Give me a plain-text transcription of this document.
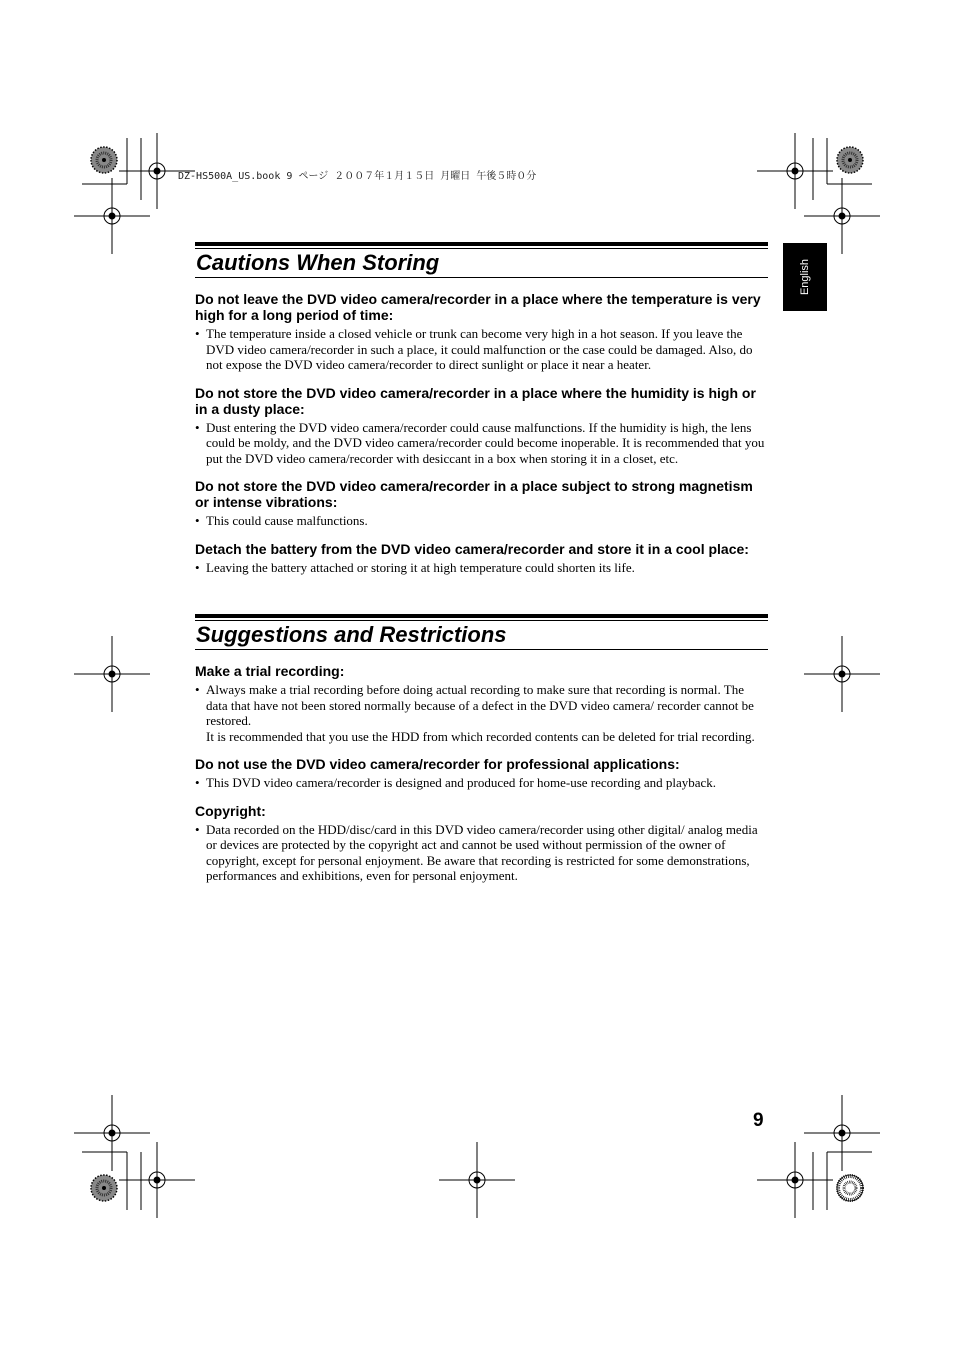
DZ-HS500A_US.book 9 ページ ２００７年１月１５日 月曜日 午後５時０分
English
Cautions When Storing

Do not leave the DVD video camera/recorder in a place where the temperature is very high for a long period of time:

• The temperature inside a closed vehicle or trunk can become very high in a hot season. If you leave the DVD video camera/recorder in such a place, it could malfunction or the case could be damaged. Also, do not expose the DVD video camera/recorder to direct sunlight or place it near a heater.

Do not store the DVD video camera/recorder in a place where the humidity is high or in a dusty place:

• Dust entering the DVD video camera/recorder could cause malfunctions. If the humidity is high, the lens could be moldy, and the DVD video camera/recorder could become inoperable. It is recommended that you put the DVD video camera/recorder with desiccant in a box when storing it in a closet, etc.

Do not store the DVD video camera/recorder in a place subject to strong magnetism or intense vibrations:

• This could cause malfunctions.

Detach the battery from the DVD video camera/recorder and store it in a cool place:

• Leaving the battery attached or storing it at high temperature could shorten its life.

Suggestions and Restrictions

Make a trial recording:

• Always make a trial recording before doing actual recording to make sure that recording is normal. The data that have not been stored normally because of a defect in the DVD video camera/ recorder cannot be restored.

It is recommended that you use the HDD from which recorded contents can be deleted for trial recording.

Do not use the DVD video camera/recorder for professional applications:

• This DVD video camera/recorder is designed and produced for home-use recording and playback.

Copyright:

• Data recorded on the HDD/disc/card in this DVD video camera/recorder using other digital/ analog media or devices are protected by the copyright act and cannot be used without permission of the owner of copyright, except for personal enjoyment. Be aware that recording is restricted for some demonstrations, performances and exhibitions, even for personal enjoyment.

9
